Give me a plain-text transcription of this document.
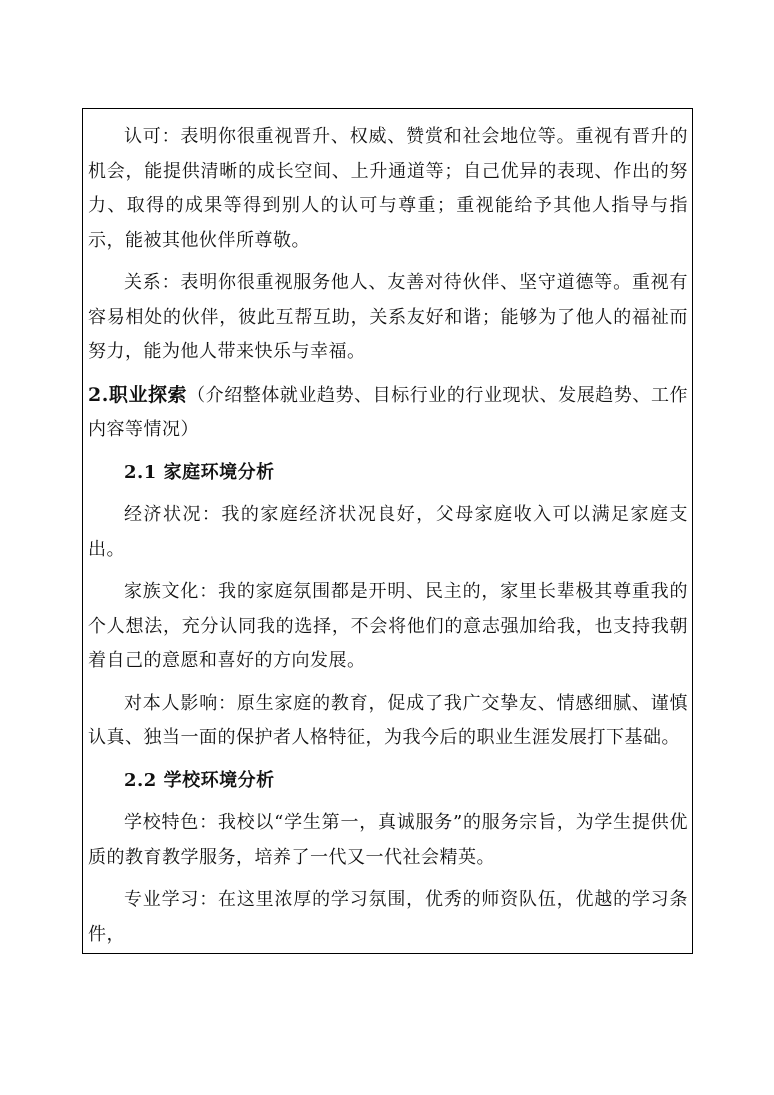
认可：表明你很重视晋升、权威、赞赏和社会地位等。重视有晋升的机会，能提供清晰的成长空间、上升通道等；自己优异的表现、作出的努力、取得的成果等得到别人的认可与尊重；重视能给予其他人指导与指示，能被其他伙伴所尊敬。

关系：表明你很重视服务他人、友善对待伙伴、坚守道德等。重视有容易相处的伙伴，彼此互帮互助，关系友好和谐；能够为了他人的福祉而努力，能为他人带来快乐与幸福。

2.职业探索（介绍整体就业趋势、目标行业的行业现状、发展趋势、工作内容等情况）

2.1 家庭环境分析

经济状况：我的家庭经济状况良好，父母家庭收入可以满足家庭支出。

家族文化：我的家庭氛围都是开明、民主的，家里长辈极其尊重我的个人想法，充分认同我的选择，不会将他们的意志强加给我，也支持我朝着自己的意愿和喜好的方向发展。

对本人影响：原生家庭的教育，促成了我广交挚友、情感细腻、谨慎认真、独当一面的保护者人格特征，为我今后的职业生涯发展打下基础。

2.2 学校环境分析

学校特色：我校以“学生第一，真诚服务”的服务宗旨，为学生提供优质的教育教学服务，培养了一代又一代社会精英。

专业学习：在这里浓厚的学习氛围，优秀的师资队伍，优越的学习条件，
